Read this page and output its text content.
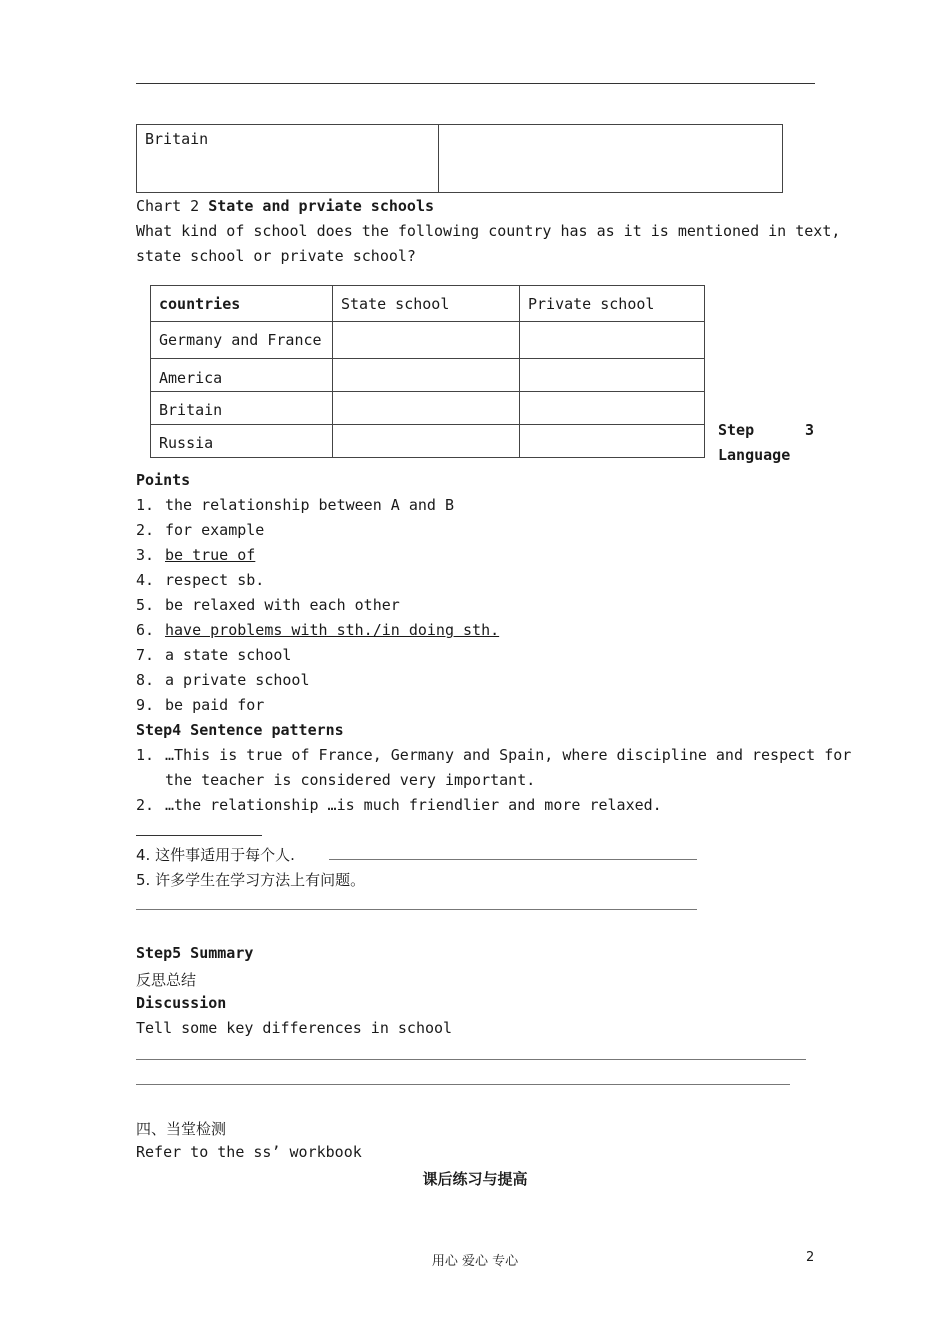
Britain	
Chart 2 State and prviate schools
What kind of school does the following country has as it is mentioned in text,
state school or private school?
countries	State school	Private school
Germany and France		
America		
Britain		
Russia		
Step	3
Language
Points
1. the relationship between A and B
2. for example
3. be true of
4. respect sb.
5. be relaxed with each other
6. have problems with sth./in doing sth.
7. a state school
8. a private school
9. be paid for
Step4 Sentence patterns
1. …This is true of France, Germany and Spain, where discipline and respect for
the teacher is considered very important.
2. …the relationship …is much friendlier and more relaxed.
4. 这件事适用于每个人.
5. 许多学生在学习方法上有问题。
Step5 Summary
反思总结
Discussion
Tell some key differences in school
四、当堂检测
Refer to the ss’ workbook
课后练习与提高
用心 爱心 专心	2
